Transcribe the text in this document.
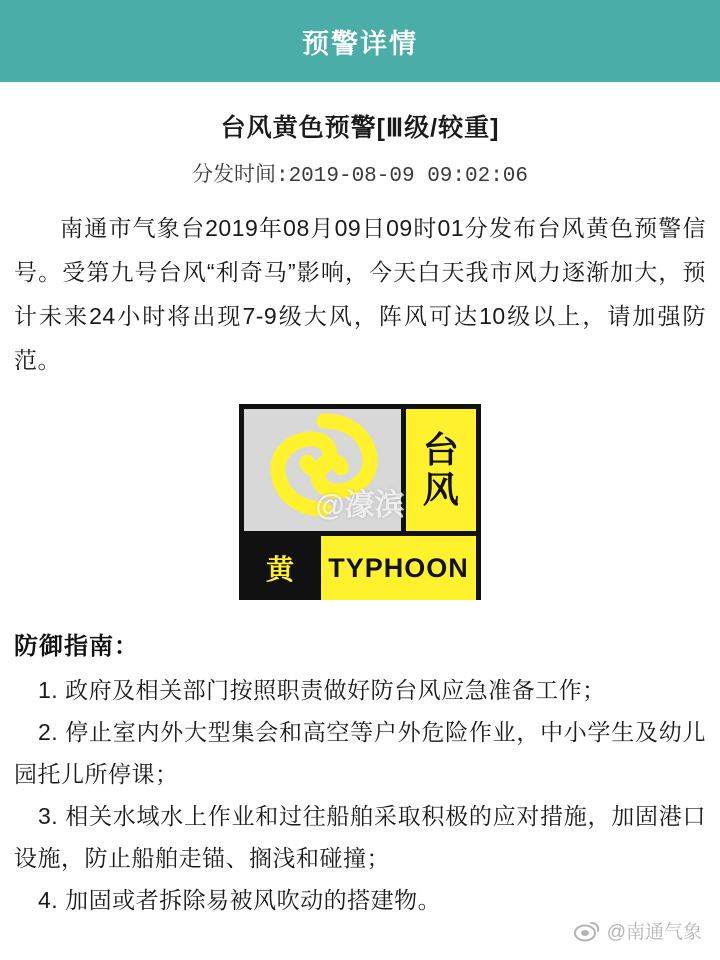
预警详情
台风黄色预警[Ⅲ级/较重]
分发时间:2019-08-09 09:02:06
南通市气象台2019年08月09日09时01分发布台风黄色预警信号。受第九号台风“利奇马”影响，今天白天我市风力逐渐加大，预计未来24小时将出现7-9级大风，阵风可达10级以上，请加强防范。
台
风
黄	TYPHOON
@濠滨
防御指南：
1. 政府及相关部门按照职责做好防台风应急准备工作；
2. 停止室内外大型集会和高空等户外危险作业，中小学生及幼儿园托儿所停课；
3. 相关水域水上作业和过往船舶采取积极的应对措施，加固港口设施，防止船舶走锚、搁浅和碰撞；
4. 加固或者拆除易被风吹动的搭建物。
@南通气象
